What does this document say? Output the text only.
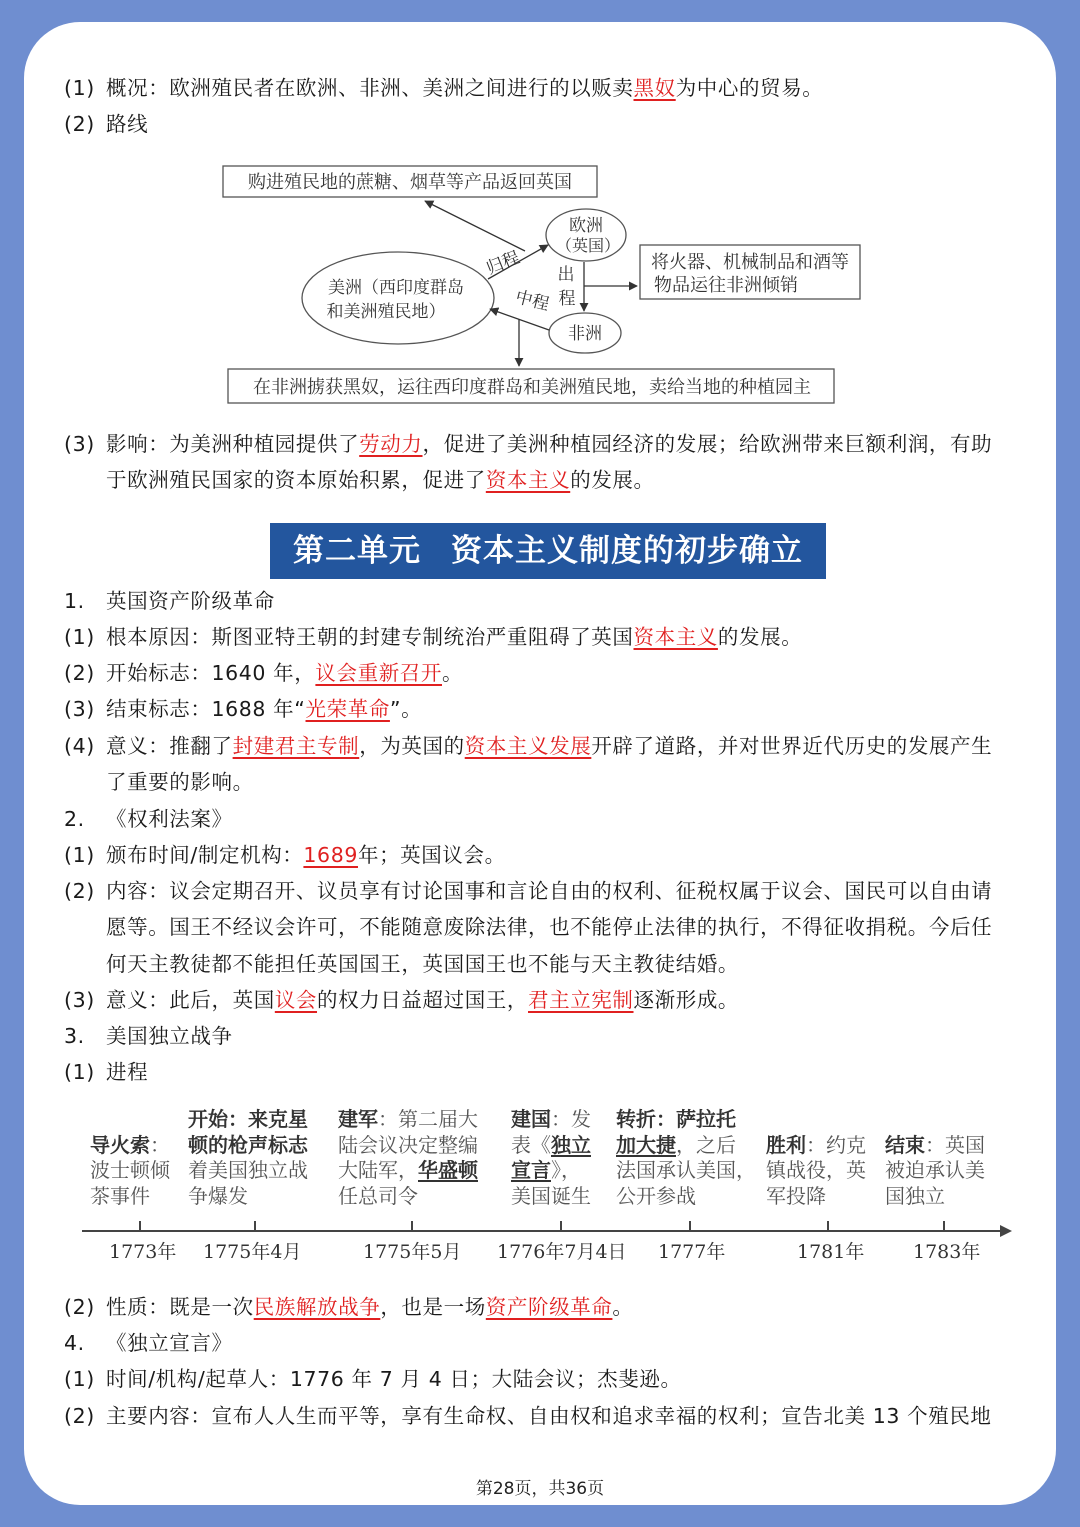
(1) 概况：欧洲殖民者在欧洲、非洲、美洲之间进行的以贩卖黑奴为中心的贸易。
(2) 路线
购进殖民地的蔗糖、烟草等产品返回英国
欧洲
（英国）
将火器、机械制品和酒等
物品运往非洲倾销
美洲（西印度群岛
和美洲殖民地）
非洲
归程 出
程
中程
在非洲掳获黑奴，运往西印度群岛和美洲殖民地，卖给当地的种植园主
(3) 影响：为美洲种植园提供了劳动力，促进了美洲种植园经济的发展；给欧洲带来巨额利润，有助
于欧洲殖民国家的资本原始积累，促进了资本主义的发展。
第二单元 资本主义制度的初步确立
1. 英国资产阶级革命
(1) 根本原因：斯图亚特王朝的封建专制统治严重阻碍了英国资本主义的发展。
(2) 开始标志：1640 年，议会重新召开。
(3) 结束标志：1688 年“光荣革命”。
(4) 意义：推翻了封建君主专制，为英国的资本主义发展开辟了道路，并对世界近代历史的发展产生
了重要的影响。
2. 《权利法案》
(1) 颁布时间/制定机构：1689年；英国议会。
(2) 内容：议会定期召开、议员享有讨论国事和言论自由的权利、征税权属于议会、国民可以自由请
愿等。国王不经议会许可，不能随意废除法律，也不能停止法律的执行，不得征收捐税。今后任
何天主教徒都不能担任英国国王，英国国王也不能与天主教徒结婚。
(3) 意义：此后，英国议会的权力日益超过国王，君主立宪制逐渐形成。
3. 美国独立战争
(1) 进程

导火索：
波士顿倾
茶事件
开始：来克星
顿的枪声标志
着美国独立战
争爆发
建军：第二届大
陆会议决定整编
大陆军，华盛顿
任总司令
建国：发
表《独立
宣言》，
美国诞生
转折：萨拉托
加大捷，之后
法国承认美国，
公开参战

胜利：约克
镇战役，英
军投降

结束：英国
被迫承认美
国独立
1773年 1775年4月	1775年5月 1776年7月4日 1777年	1781年	1783年
(2) 性质：既是一次民族解放战争，也是一场资产阶级革命。
4. 《独立宣言》
(1) 时间/机构/起草人：1776 年 7 月 4 日；大陆会议；杰斐逊。
(2) 主要内容：宣布人人生而平等，享有生命权、自由权和追求幸福的权利；宣告北美 13 个殖民地
第28页，共36页
